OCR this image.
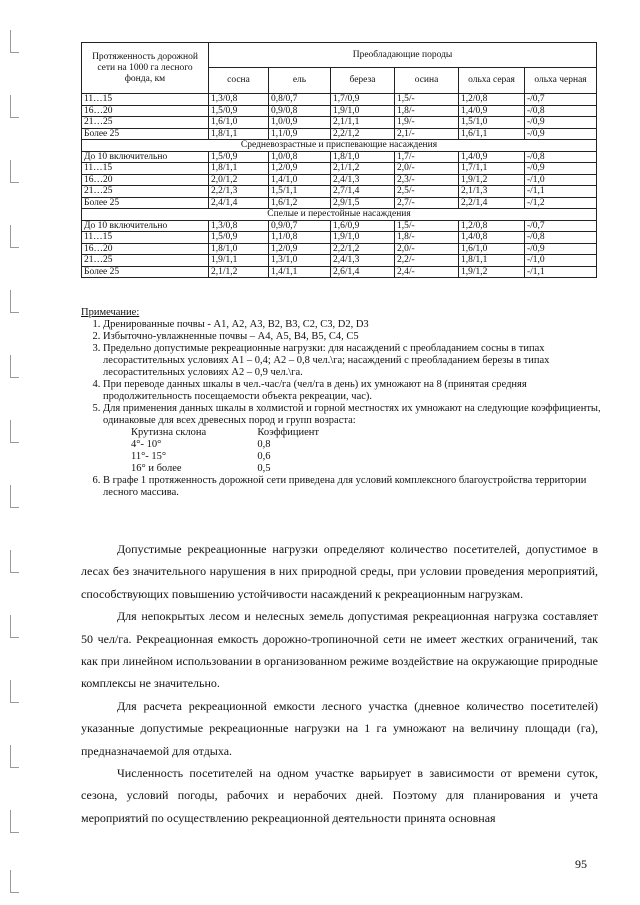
Протяженность дорожной сети на 1000 га лесного фонда, км	Преобладающие породы					
	сосна	ель	береза	осина	ольха серая	ольха черная
11…15	1,3/0,8	0,8/0,7	1,7/0,9	1,5/-	1,2/0,8	-/0,7
16…20	1,5/0,9	0,9/0,8	1,9/1,0	1,8/-	1,4/0,9	-/0,8
21…25	1,6/1,0	1,0/0,9	2,1/1,1	1,9/-	1,5/1,0	-/0,9
Более 25	1,8/1,1	1,1/0,9	2,2/1,2	2,1/-	1,6/1,1	-/0,9
Средневозрастные и приспевающие насаждения						
До 10 включительно	1,5/0,9	1,0/0,8	1,8/1,0	1,7/-	1,4/0,9	-/0,8
11…15	1,8/1,1	1,2/0,9	2,1/1,2	2,0/-	1,7/1,1	-/0,9
16…20	2,0/1,2	1,4/1,0	2,4/1,3	2,3/-	1,9/1,2	-/1,0
21…25	2,2/1,3	1,5/1,1	2,7/1,4	2,5/-	2,1/1,3	-/1,1
Более 25	2,4/1,4	1,6/1,2	2,9/1,5	2,7/-	2,2/1,4	-/1,2
Спелые и перестойные насаждения						
До 10 включительно	1,3/0,8	0,9/0,7	1,6/0,9	1,5/-	1,2/0,8	-/0,7
11…15	1,5/0,9	1,1/0,8	1,9/1,0	1,8/-	1,4/0,8	-/0,8
16…20	1,8/1,0	1,2/0,9	2,2/1,2	2,0/-	1,6/1,0	-/0,9
21…25	1,9/1,1	1,3/1,0	2,4/1,3	2,2/-	1,8/1,1	-/1,0
Более 25	2,1/1,2	1,4/1,1	2,6/1,4	2,4/-	1,9/1,2	-/1,1
Примечание:
1. Дренированные почвы - А1, А2, А3, В2, В3, С2, С3, D2, D3
2. Избыточно-увлажненные почвы – А4, А5, В4, В5, С4, С5
3. Предельно допустимые рекреационные нагрузки: для насаждений с преобладанием сосны в типах лесорастительных условиях А1 – 0,4; А2 – 0,8 чел.\га; насаждений с преобладанием березы в типах лесорастительных условиях А2 – 0,9 чел.\га.
4. При переводе данных шкалы в чел.-час/га (чел/га в день) их умножают на 8 (принятая средняя продолжительность посещаемости объекта рекреации, час).
5. Для применения данных шкалы в холмистой и горной местностях их умножают на следующие коэффициенты, одинаковые для всех древесных пород и групп возраста:
Крутизна склона	Коэффициент
4°- 10°	0,8
11°- 15°	0,6
16° и более	0,5
6. В графе 1 протяженность дорожной сети приведена для условий комплексного благоустройства территории лесного массива.

Допустимые рекреационные нагрузки определяют количество посетителей, допустимое в лесах без значительного нарушения в них природной среды, при условии проведения мероприятий, способствующих повышению устойчивости насаждений к рекреационным нагрузкам.

Для непокрытых лесом и нелесных земель допустимая рекреационная нагрузка составляет 50 чел/га. Рекреационная емкость дорожно-тропиночной сети не имеет жестких ограничений, так как при линейном использовании в организованном режиме воздействие на окружающие природные комплексы не значительно.

Для расчета рекреационной емкости лесного участка (дневное количество посетителей) указанные допустимые рекреационные нагрузки на 1 га умножают на величину площади (га), предназначаемой для отдыха.

Численность посетителей на одном участке варьирует в зависимости от времени суток, сезона, условий погоды, рабочих и нерабочих дней. Поэтому для планирования и учета мероприятий по осуществлению рекреационной деятельности принята основная

95
